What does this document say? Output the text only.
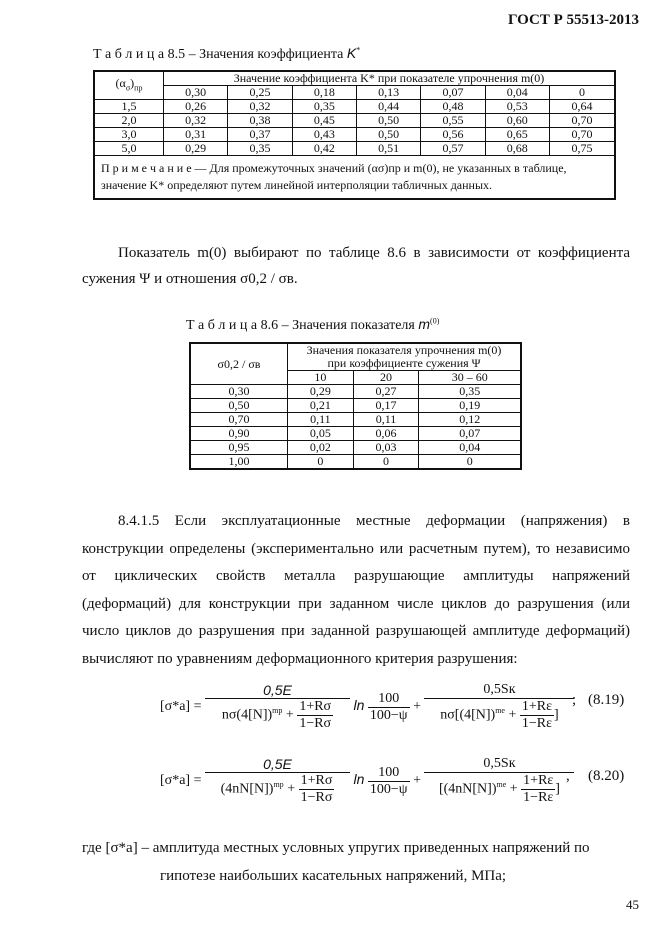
ГОСТ Р 55513-2013
Т а б л и ц а 8.5 – Значения коэффициента K*
$(\alpha_\sigma)_{пр}$	Значение коэффициента K* при показателе упрочнения m(0)						
	0,30	0,25	0,18	0,13	0,07	0,04	0
1,5	0,26	0,32	0,35	0,44	0,48	0,53	0,64
2,0	0,32	0,38	0,45	0,50	0,55	0,60	0,70
3,0	0,31	0,37	0,43	0,50	0,56	0,65	0,70
5,0	0,29	0,35	0,42	0,51	0,57	0,68	0,75
П р и м е ч а н и е — Для промежуточных значений (ασ)пр и m(0), не указанных в таблице, значение K* определяют путем линейной интерполяции табличных данных.							

Показатель m(0) выбирают по таблице 8.6 в зависимости от коэффициента сужения Ψ и отношения σ0,2 / σв.

Т а б л и ц а 8.6 – Значения показателя $m^{(0)}$
σ0,2 / σв	Значения показателя упрочнения m(0)
при коэффициенте сужения Ψ		

	10	20	30 – 60
0,30	0,29	0,27	0,35
0,50	0,21	0,17	0,19
0,70	0,11	0,11	0,12
0,90	0,05	0,06	0,07
0,95	0,02	0,03	0,04
1,00	0	0	0

8.4.1.5 Если эксплуатационные местные деформации (напряжения) в конструкции определены (экспериментально или расчетным путем), то независимо от циклических свойств металла разрушающие амплитуды напряжений (деформаций) для конструкции при заданном числе циклов до разрушения (или число циклов до разрушения при заданной разрушающей амплитуде деформаций) вычисляют по уравнениям деформационного критерия разрушения:

$[\sigma*a] = \frac{0,5E}{n\sigma(4[N])^{mp} + \frac{1+R\sigma}{1-R\sigma}}$ $\ln \frac{100}{100-\psi}$ +
0,5Sк
$n\sigma[(4[N])^{me} + \frac{1+R\varepsilon}{1-R\varepsilon}$ ]
; (8.19)
$[\sigma*a] = \frac{0,5E}{(4nN[N])^{mp} + \frac{1+R\sigma}{1-R\sigma}}$ $\ln \frac{100}{100-\psi}$ +
0,5Sк
[$(4nN[N])^{me} + \frac{1+R\varepsilon}{1-R\varepsilon}$ ]
, (8.20)

где [σ*a] – амплитуда местных условных упругих приведенных напряжений по

гипотезе наибольших касательных напряжений, МПа;

45
